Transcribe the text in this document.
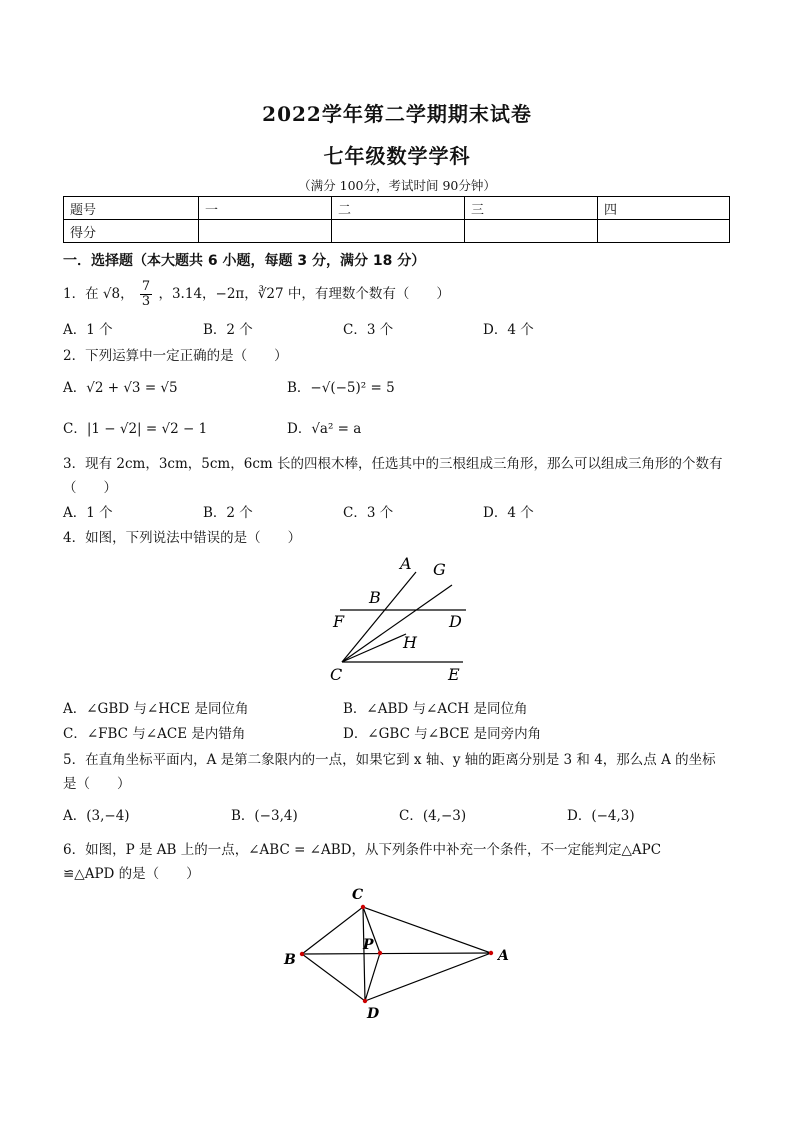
2022学年第二学期期末试卷
七年级数学学科
（满分 100分，考试时间 90分钟）
题号	一	二	三	四
得分				
一．选择题（本大题共 6 小题，每题 3 分，满分 18 分）
1．在 √8， $\frac{7}{3}$ ，3.14，−2π，∛27 中，有理数个数有（　　）
A．1 个	B．2 个	C．3 个	D．4 个
2．下列运算中一定正确的是（　　）
A．√2 + √3 = √5	B．−√(−5)² = 5
C．|1 − √2| = √2 − 1	D．√a² = a
3．现有 2cm，3cm，5cm，6cm 长的四根木棒，任选其中的三根组成三角形，那么可以组成三角形的个数有
（　　）
A．1 个	B．2 个	C．3 个	D．4 个
4．如图，下列说法中错误的是（　　）
A G
B
F	D
H
C	E
A．∠GBD 与∠HCE 是同位角	B．∠ABD 与∠ACH 是同位角
C．∠FBC 与∠ACE 是内错角	D．∠GBC 与∠BCE 是同旁内角
5．在直角坐标平面内，A 是第二象限内的一点，如果它到 x 轴、y 轴的距离分别是 3 和 4，那么点 A 的坐标
是（　　）
A．(3,−4)	B．(−3,4)	C．(4,−3)	D．(−4,3)
6．如图，P 是 AB 上的一点，∠ABC = ∠ABD，从下列条件中补充一个条件，不一定能判定△APC
≌△APD 的是（　　）
C
P
B	A
D
